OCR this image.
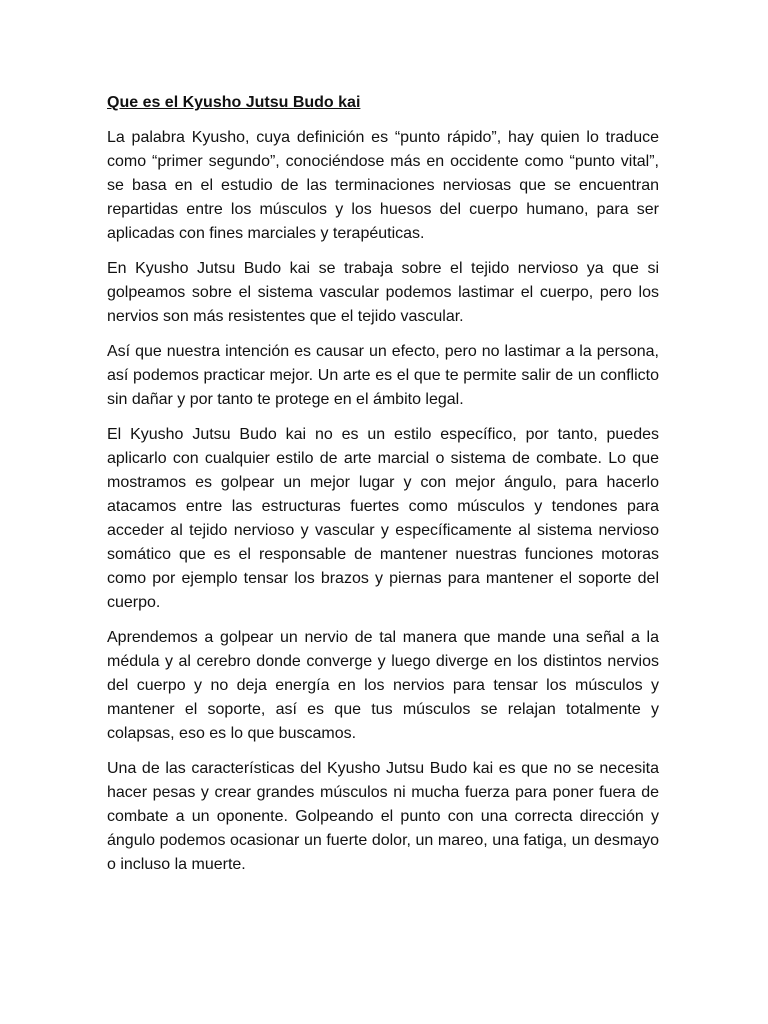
Que es el Kyusho Jutsu Budo kai

La palabra Kyusho, cuya definición es “punto rápido”, hay quien lo traduce como “primer segundo”, conociéndose más en occidente como “punto vital”, se basa en el estudio de las terminaciones nerviosas que se encuentran repartidas entre los músculos y los huesos del cuerpo humano, para ser aplicadas con fines marciales y terapéuticas.

En Kyusho Jutsu Budo kai se trabaja sobre el tejido nervioso ya que si golpeamos sobre el sistema vascular podemos lastimar el cuerpo, pero los nervios son más resistentes que el tejido vascular.

Así que nuestra intención es causar un efecto, pero no lastimar a la persona, así podemos practicar mejor. Un arte es el que te permite salir de un conflicto sin dañar y por tanto te protege en el ámbito legal.

El Kyusho Jutsu Budo kai no es un estilo específico, por tanto, puedes aplicarlo con cualquier estilo de arte marcial o sistema de combate. Lo que mostramos es golpear un mejor lugar y con mejor ángulo, para hacerlo atacamos entre las estructuras fuertes como músculos y tendones para acceder al tejido nervioso y vascular y específicamente al sistema nervioso somático que es el responsable de mantener nuestras funciones motoras como por ejemplo tensar los brazos y piernas para mantener el soporte del cuerpo.

Aprendemos a golpear un nervio de tal manera que mande una señal a la médula y al cerebro donde converge y luego diverge en los distintos nervios del cuerpo y no deja energía en los nervios para tensar los músculos y mantener el soporte, así es que tus músculos se relajan totalmente y colapsas, eso es lo que buscamos.

Una de las características del Kyusho Jutsu Budo kai es que no se necesita hacer pesas y crear grandes músculos ni mucha fuerza para poner fuera de combate a un oponente. Golpeando el punto con una correcta dirección y ángulo podemos ocasionar un fuerte dolor, un mareo, una fatiga, un desmayo o incluso la muerte.
